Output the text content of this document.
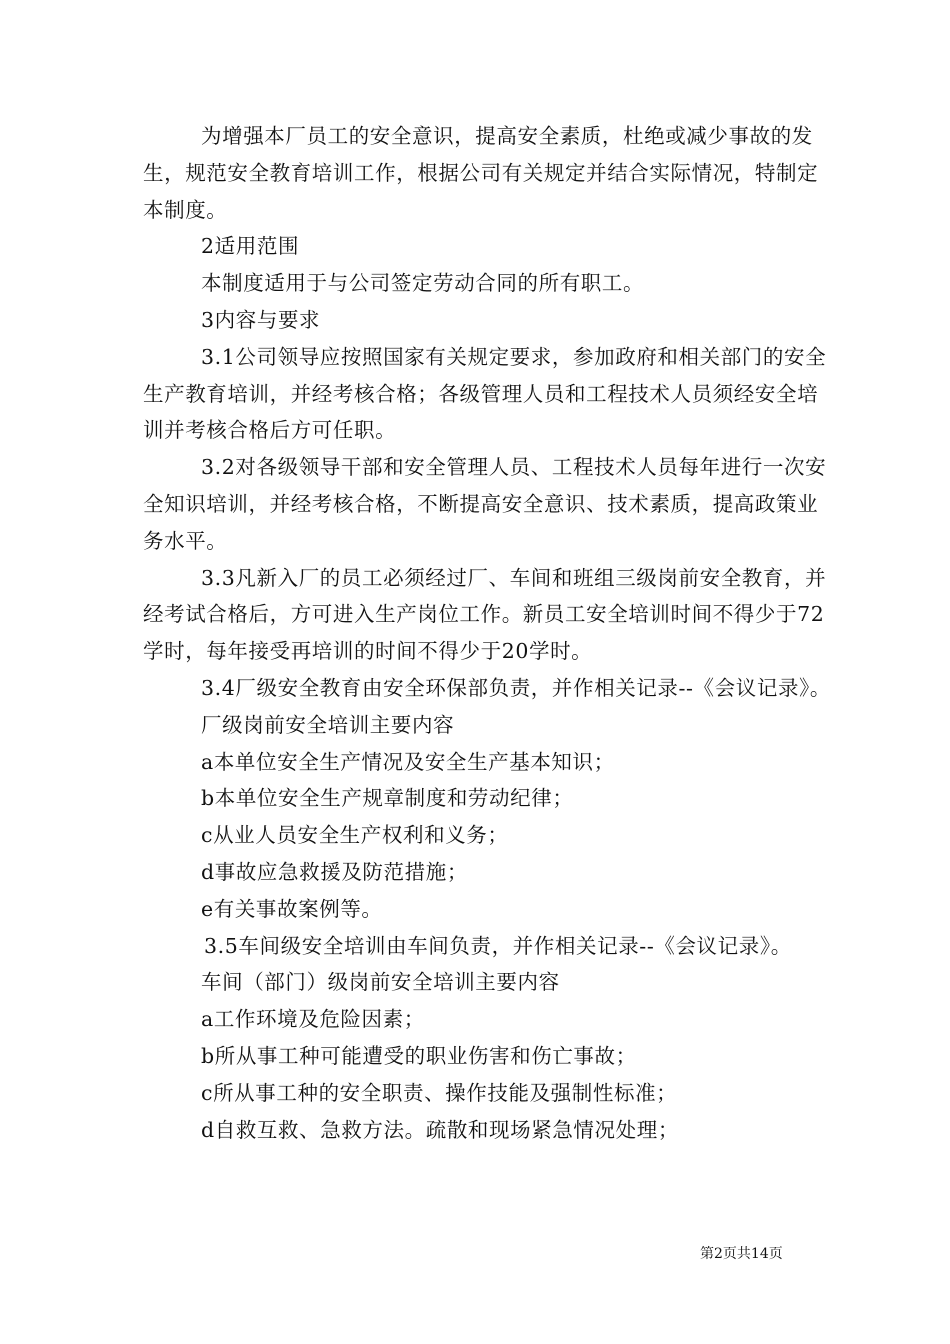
为增强本厂员工的安全意识，提高安全素质，杜绝或减少事故的发生，规范安全教育培训工作，根据公司有关规定并结合实际情况，特制定本制度。

2适用范围

本制度适用于与公司签定劳动合同的所有职工。

3内容与要求

3.1公司领导应按照国家有关规定要求，参加政府和相关部门的安全生产教育培训，并经考核合格；各级管理人员和工程技术人员须经安全培训并考核合格后方可任职。

3.2对各级领导干部和安全管理人员、工程技术人员每年进行一次安全知识培训，并经考核合格，不断提高安全意识、技术素质，提高政策业务水平。

3.3凡新入厂的员工必须经过厂、车间和班组三级岗前安全教育，并经考试合格后，方可进入生产岗位工作。新员工安全培训时间不得少于72学时，每年接受再培训的时间不得少于20学时。

3.4厂级安全教育由安全环保部负责，并作相关记录--《会议记录》。

厂级岗前安全培训主要内容

a本单位安全生产情况及安全生产基本知识；

b本单位安全生产规章制度和劳动纪律；

c从业人员安全生产权利和义务；

d事故应急救援及防范措施；

e有关事故案例等。

3.5车间级安全培训由车间负责，并作相关记录--《会议记录》。

车间（部门）级岗前安全培训主要内容

a工作环境及危险因素；

b所从事工种可能遭受的职业伤害和伤亡事故；

c所从事工种的安全职责、操作技能及强制性标准；

d自救互救、急救方法。疏散和现场紧急情况处理；

第2页共14页
